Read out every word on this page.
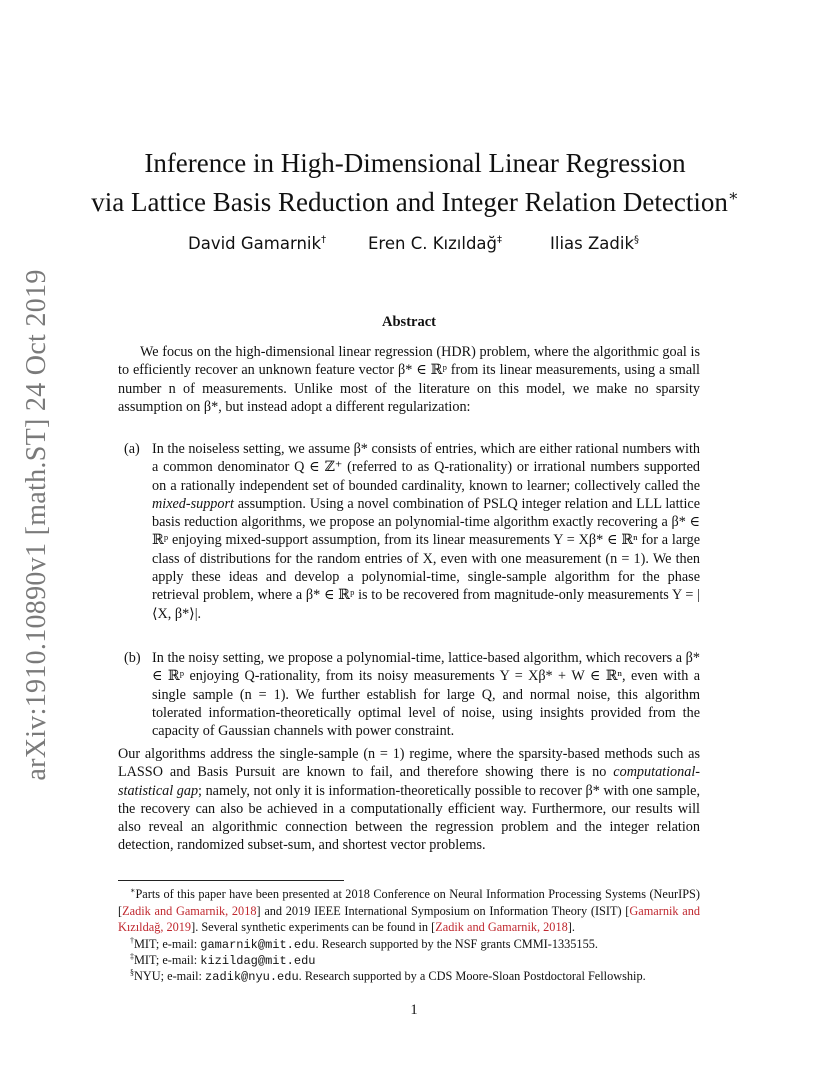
arXiv:1910.10890v1 [math.ST] 24 Oct 2019
Inference in High-Dimensional Linear Regression
via Lattice Basis Reduction and Integer Relation Detection∗
David Gamarnik†	Eren C. Kızıldağ‡	Ilias Zadik§
Abstract

We focus on the high-dimensional linear regression (HDR) problem, where the algorithmic goal is to efficiently recover an unknown feature vector β* ∈ ℝᵖ from its linear measurements, using a small number n of measurements. Unlike most of the literature on this model, we make no sparsity assumption on β*, but instead adopt a different regularization:

(a) In the noiseless setting, we assume β* consists of entries, which are either rational numbers with a common denominator Q ∈ ℤ⁺ (referred to as Q-rationality) or irrational numbers supported on a rationally independent set of bounded cardinality, known to learner; collectively called the mixed-support assumption. Using a novel combination of PSLQ integer relation and LLL lattice basis reduction algorithms, we propose an polynomial-time algorithm exactly recovering a β* ∈ ℝᵖ enjoying mixed-support assumption, from its linear measurements Y = Xβ* ∈ ℝⁿ for a large class of distributions for the random entries of X, even with one measurement (n = 1). We then apply these ideas and develop a polynomial-time, single-sample algorithm for the phase retrieval problem, where a β* ∈ ℝᵖ is to be recovered from magnitude-only measurements Y = |⟨X, β*⟩|.
(b) In the noisy setting, we propose a polynomial-time, lattice-based algorithm, which recovers a β* ∈ ℝᵖ enjoying Q-rationality, from its noisy measurements Y = Xβ* + W ∈ ℝⁿ, even with a single sample (n = 1). We further establish for large Q, and normal noise, this algorithm tolerated information-theoretically optimal level of noise, using insights provided from the capacity of Gaussian channels with power constraint.

Our algorithms address the single-sample (n = 1) regime, where the sparsity-based methods such as LASSO and Basis Pursuit are known to fail, and therefore showing there is no computational-statistical gap; namely, not only it is information-theoretically possible to recover β* with one sample, the recovery can also be achieved in a computationally efficient way. Furthermore, our results will also reveal an algorithmic connection between the regression problem and the integer relation detection, randomized subset-sum, and shortest vector problems.

∗Parts of this paper have been presented at 2018 Conference on Neural Information Processing Systems (NeurIPS) [Zadik and Gamarnik, 2018] and 2019 IEEE International Symposium on Information Theory (ISIT) [Gamarnik and Kızıldağ, 2019]. Several synthetic experiments can be found in [Zadik and Gamarnik, 2018].

†MIT; e-mail: gamarnik@mit.edu. Research supported by the NSF grants CMMI-1335155.

‡MIT; e-mail: kizildag@mit.edu

§NYU; e-mail: zadik@nyu.edu. Research supported by a CDS Moore-Sloan Postdoctoral Fellowship.

1
